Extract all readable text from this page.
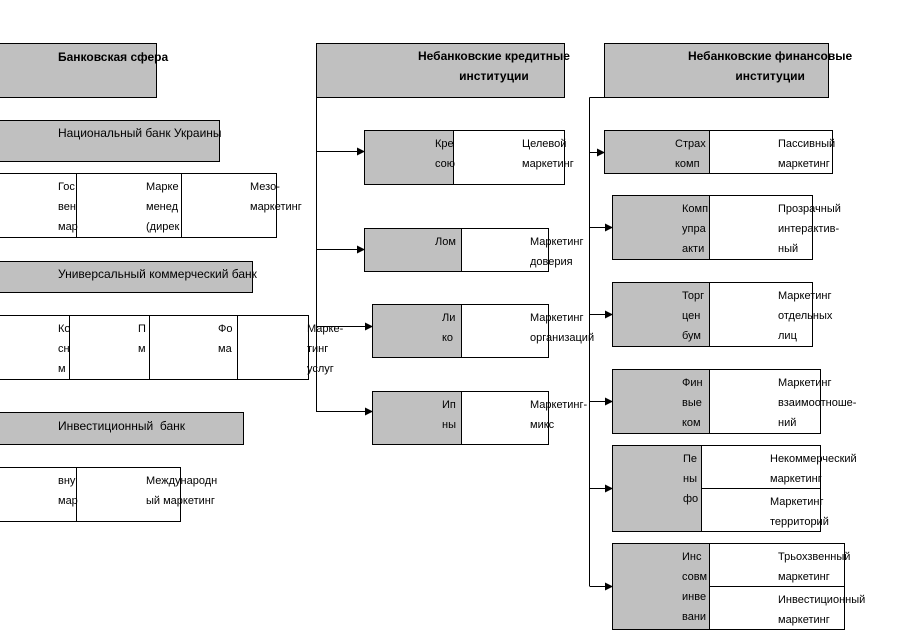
Банковская сфера
Национальный банк Украины
Гос
вен
мар
Марке
менед
(дирек
Мезо-
маркетинг
Универсальный коммерческий банк
Ко
сн
м
П
м
Фо
ма
Марке-
тинг
услуг
Инвестиционный  банк
вну
мар
Международн
ый маркетинг
Небанковские кредитные
институции
Кре
сою
Целевой
маркетинг
Лом	Маркетинг
доверия
Ли
ко
Маркетинг
организаций
Ип
ны
Маркетинг-
микс
Небанковские финансовые
институции
Страх
комп
Пассивный
маркетинг
Комп
упра
акти
Прозрачный
интерактив-
ный
Торг
цен
бум
Маркетинг
отдельных
лиц
Фин
вые
ком
Маркетинг
взаимоотноше-
ний
Пе
ны
фо
Некоммерческий
маркетинг
Маркетинг
территорий
Инс
совм
инве
вани
Трьохзвенный
маркетинг
Инвестиционный
маркетинг
